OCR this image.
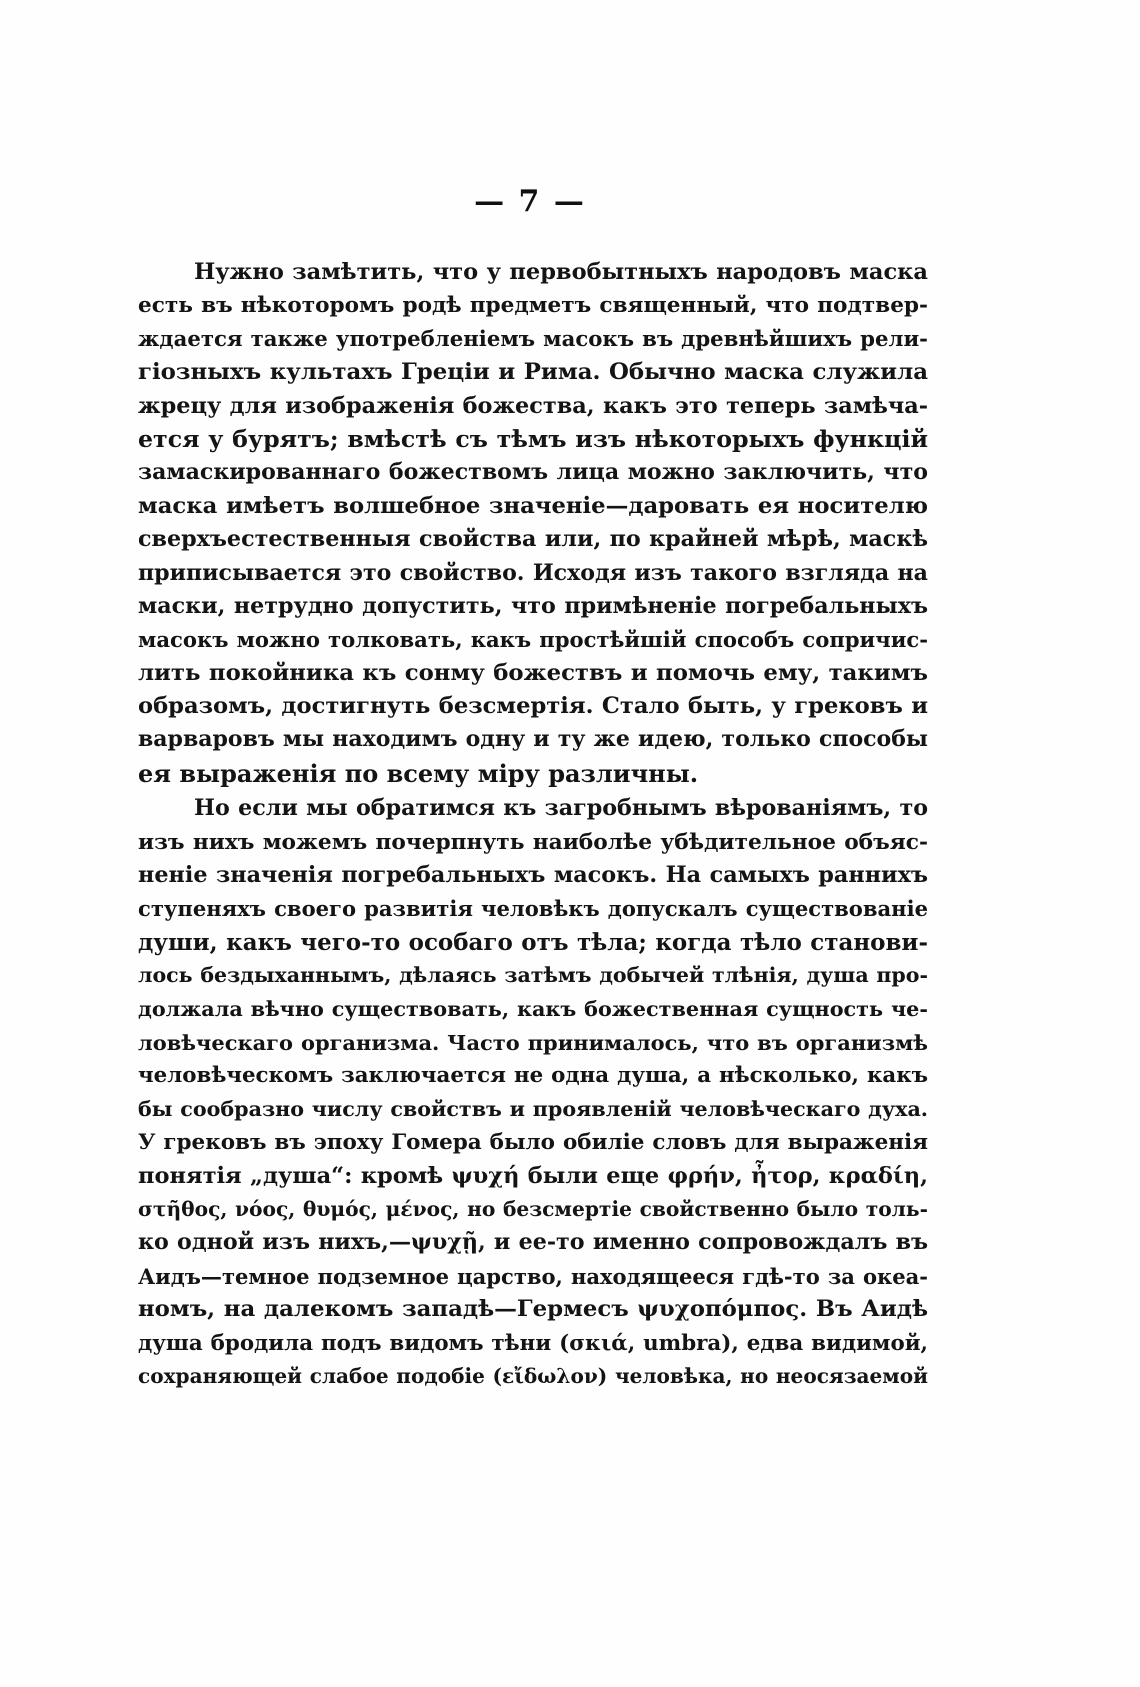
— 7 —
Нужно замѣтить, что у первобытныхъ народовъ маска
есть въ нѣкоторомъ родѣ предметъ священный, что подтвер-
ждается также употребленіемъ масокъ въ древнѣйшихъ рели-
гіозныхъ культахъ Греціи и Рима. Обычно маска служила
жрецу для изображенія божества, какъ это теперь замѣча-
ется у бурятъ; вмѣстѣ съ тѣмъ изъ нѣкоторыхъ функцій
замаскированнаго божествомъ лица можно заключить, что
маска имѣетъ волшебное значеніе—даровать ея носителю
сверхъестественныя свойства или, по крайней мѣрѣ, маскѣ
приписывается это свойство. Исходя изъ такого взгляда на
маски, нетрудно допустить, что примѣненіе погребальныхъ
масокъ можно толковать, какъ простѣйшій способъ сопричис-
лить покойника къ сонму божествъ и помочь ему, такимъ
образомъ, достигнуть безсмертія. Стало быть, у грековъ и
варваровъ мы находимъ одну и ту же идею, только способы
ея выраженія по всему міру различны.
Но если мы обратимся къ загробнымъ вѣрованіямъ, то
изъ нихъ можемъ почерпнуть наиболѣе убѣдительное объяс-
неніе значенія погребальныхъ масокъ. На самыхъ раннихъ
ступеняхъ своего развитія человѣкъ допускалъ существованіе
души, какъ чего-то особаго отъ тѣла; когда тѣло станови-
лось бездыханнымъ, дѣлаясь затѣмъ добычей тлѣнія, душа про-
должала вѣчно существовать, какъ божественная сущность че-
ловѣческаго организма. Часто принималось, что въ организмѣ
человѣческомъ заключается не одна душа, а нѣсколько, какъ
бы сообразно числу свойствъ и проявленій человѣческаго духа.
У грековъ въ эпоху Гомера было обиліе словъ для выраженія
понятія „душа“: кромѣ ψυχή были еще φρήν, ἦτορ, κραδίη,
στῆθος, νόος, θυμός, μένος, но безсмертіе свойственно было толь-
ко одной изъ нихъ,—ψυχῇ, и ее-то именно сопровождалъ въ
Аидъ—темное подземное царство, находящееся гдѣ-то за океа-
номъ, на далекомъ западѣ—Гермесъ ψυχοπόμπος. Въ Аидѣ
душа бродила подъ видомъ тѣни (σκιά, umbra), едва видимой,
сохраняющей слабое подобіе (εἴδωλον) человѣка, но неосязаемой
